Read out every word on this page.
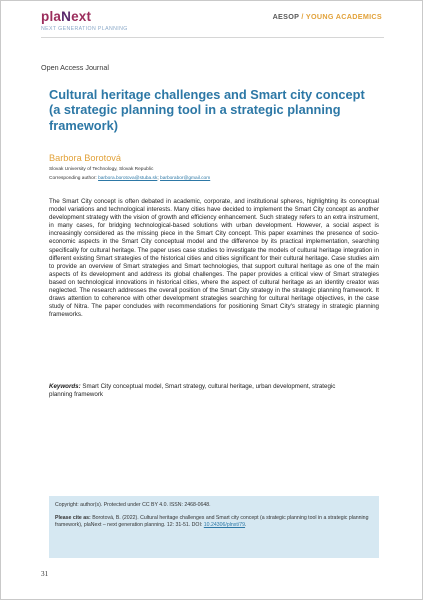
plaNext
NEXT GENERATION PLANNING
AESOP / YOUNG ACADEMICS
Open Access Journal
Cultural heritage challenges and Smart city concept (a strategic planning tool in a strategic planning framework)
Barbora Borotová
Slovak University of Technology, Slovak Republic
Corresponding author: barbora.borotova@stuba.sk; barborabor@gmail.com
The Smart City concept is often debated in academic, corporate, and institutional spheres, highlighting its conceptual model variations and technological interests. Many cities have decided to implement the Smart City concept as another development strategy with the vision of growth and efficiency enhancement. Such strategy refers to an extra instrument, in many cases, for bridging technological-based solutions with urban development. However, a social aspect is increasingly considered as the missing piece in the Smart City concept. This paper examines the presence of socio-economic aspects in the Smart City conceptual model and the difference by its practical implementation, searching specifically for cultural heritage. The paper uses case studies to investigate the models of cultural heritage integration in different existing Smart strategies of the historical cities and cities significant for their cultural heritage. Case studies aim to provide an overview of Smart strategies and Smart technologies, that support cultural heritage as one of the main aspects of its development and address its global challenges. The paper provides a critical view of Smart strategies based on technological innovations in historical cities, where the aspect of cultural heritage as an identity creator was neglected. The research addresses the overall position of the Smart City strategy in the strategic planning framework. It draws attention to coherence with other development strategies searching for cultural heritage objectives, in the case study of Nitra. The paper concludes with recommendations for positioning Smart City's strategy in strategic planning frameworks.
Keywords: Smart City conceptual model, Smart strategy, cultural heritage, urban development, strategic planning framework
Copyright: author(s). Protected under CC BY 4.0. ISSN: 2468-0648.
Please cite as: Borotová, B. (2022). Cultural heritage challenges and Smart city concept (a strategic planning tool in a strategic planning framework), plaNext – next generation planning. 12: 31-51. DOI: 10.24306/plnxt/79.
31
